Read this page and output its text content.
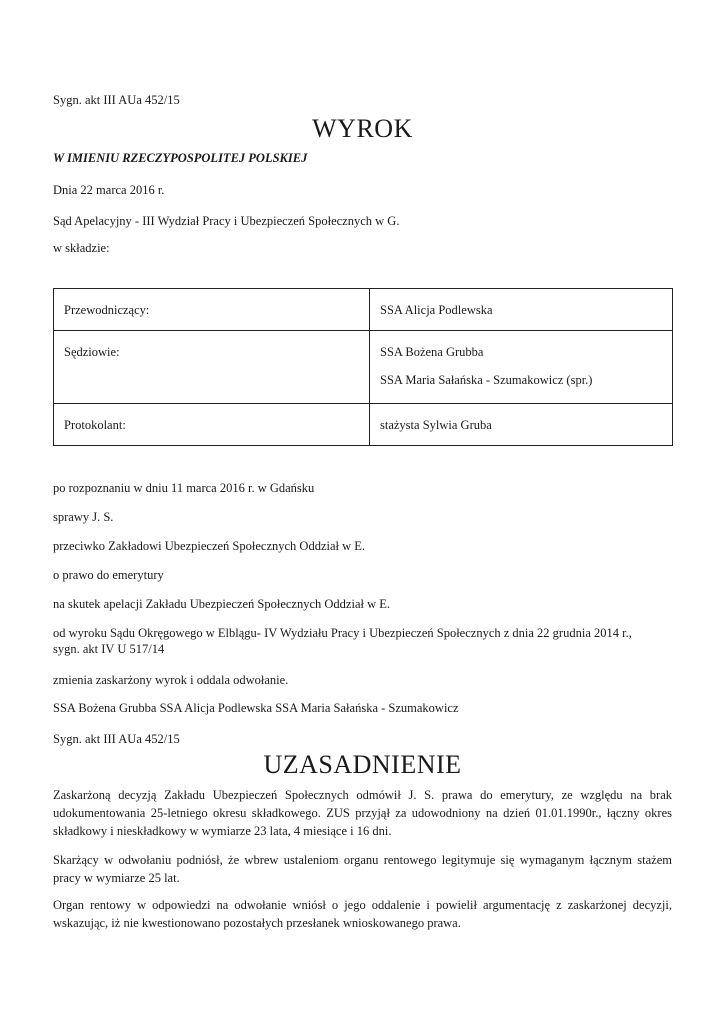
Sygn. akt III AUa 452/15

WYROK

W IMIENIU RZECZYPOSPOLITEJ POLSKIEJ

Dnia 22 marca 2016 r.

Sąd Apelacyjny - III Wydział Pracy i Ubezpieczeń Społecznych w G.

w składzie:

Przewodniczący:	SSA Alicja Podlewska

Sędziowie:	SSA Bożena Grubba
SSA Maria Sałańska - Szumakowicz (spr.)

Protokolant:	stażysta Sylwia Gruba

po rozpoznaniu w dniu 11 marca 2016 r. w Gdańsku

sprawy J. S.

przeciwko Zakładowi Ubezpieczeń Społecznych Oddział w E.

o prawo do emerytury

na skutek apelacji Zakładu Ubezpieczeń Społecznych Oddział w E.

od wyroku Sądu Okręgowego w Elblągu- IV Wydziału Pracy i Ubezpieczeń Społecznych z dnia 22 grudnia 2014 r.,
sygn. akt IV U 517/14

zmienia zaskarżony wyrok i oddala odwołanie.

SSA Bożena Grubba SSA Alicja Podlewska SSA Maria Sałańska - Szumakowicz

Sygn. akt III AUa 452/15

UZASADNIENIE

Zaskarżoną decyzją Zakładu Ubezpieczeń Społecznych odmówił J. S. prawa do emerytury, ze względu na brak udokumentowania 25-letniego okresu składkowego. ZUS przyjął za udowodniony na dzień 01.01.1990r., łączny okres składkowy i nieskładkowy w wymiarze 23 lata, 4 miesiące i 16 dni.

Skarżący w odwołaniu podniósł, że wbrew ustaleniom organu rentowego legitymuje się wymaganym łącznym stażem pracy w wymiarze 25 lat.

Organ rentowy w odpowiedzi na odwołanie wniósł o jego oddalenie i powielił argumentację z zaskarżonej decyzji, wskazując, iż nie kwestionowano pozostałych przesłanek wnioskowanego prawa.
